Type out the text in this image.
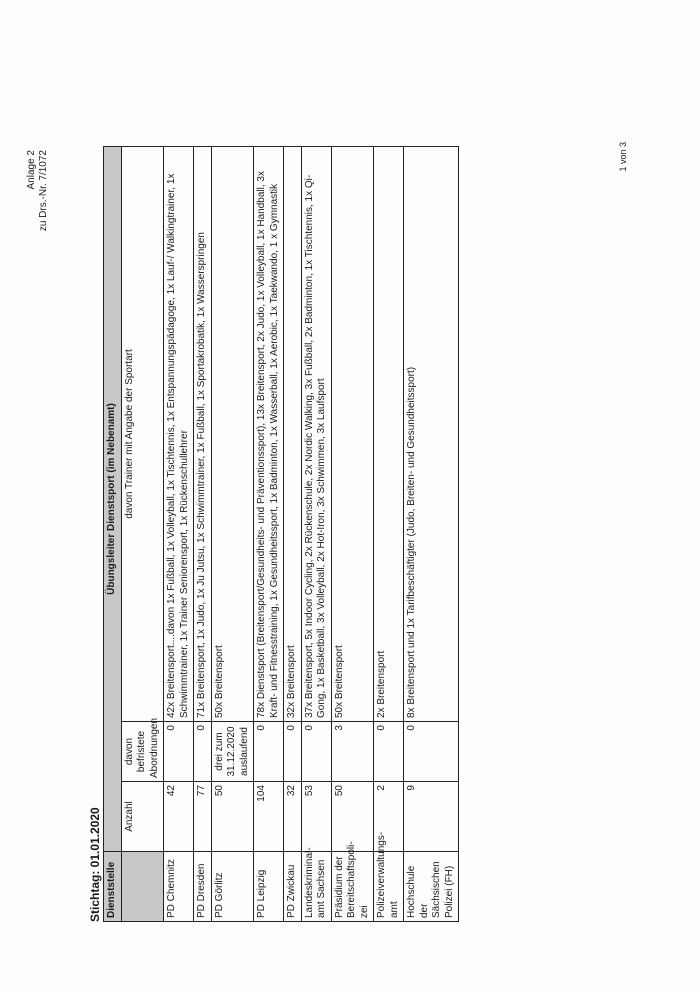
Anlage 2 zu Drs.-Nr. 7/1072
Stichtag: 01.01.2020 Dienststelle	Übungsleiter Dienstsport (im Nebenamt)		
	Anzahl	davon befristete Abordnungen	davon Trainer mit Angabe der Sportart
PD Chemnitz	42	0	42x Breitensport....davon 1x Fußball, 1x Volleyball, 1x Tischtennis, 1x Entspannungspädagoge, 1x Lauf-/ Walkingtrainer, 1x Schwimmtrainer, 1x Trainer Seniorensport, 1x Rückenschullehrer
PD Dresden	77	0	71x Breitensport, 1x Judo, 1x Ju Jutsu, 1x Schwimmtrainer, 1x Fußball, 1x Sportakrobatik, 1x Wasserspringen
PD Görlitz	50	drei zum 31.12.2020 auslaufend	50x Breitensport
PD Leipzig	104	0	78x Dienstsport (Breitensport/Gesundheits- und Präventionssport), 13x Breitensport, 2x Judo, 1x Volleyball, 1x Handball, 3x Kraft- und Fitnesstraining, 1x Gesundheitssport, 1x Badminton, 1x Wasserball, 1x Aerobic, 1x Taekwando, 1 x Gymnastik
PD Zwickau	32	0	32x Breitensport
Landeskriminal-amt Sachsen	53	0	37x Breitensport, 5x Indoor Cycling, 2x Rückenschule, 2x Nordic Walking, 3x Fußball, 2x Badminton, 1x Tischtennis, 1x Qi-Gong, 1x Basketball, 3x Volleyball, 2x Hot-Iron, 3x Schwimmen, 3x Laufsport
Präsidium der Bereitschaftspoli-zei	50	3	50x Breitensport
Polizeiverwaltungs-amt	2	0	2x Breitensport
Hochschule der Sächsischen Polizei (FH)	9	0	8x Breitensport und 1x Tarifbeschäftigter (Judo, Breiten- und Gesundheitssport)
1 von 3
